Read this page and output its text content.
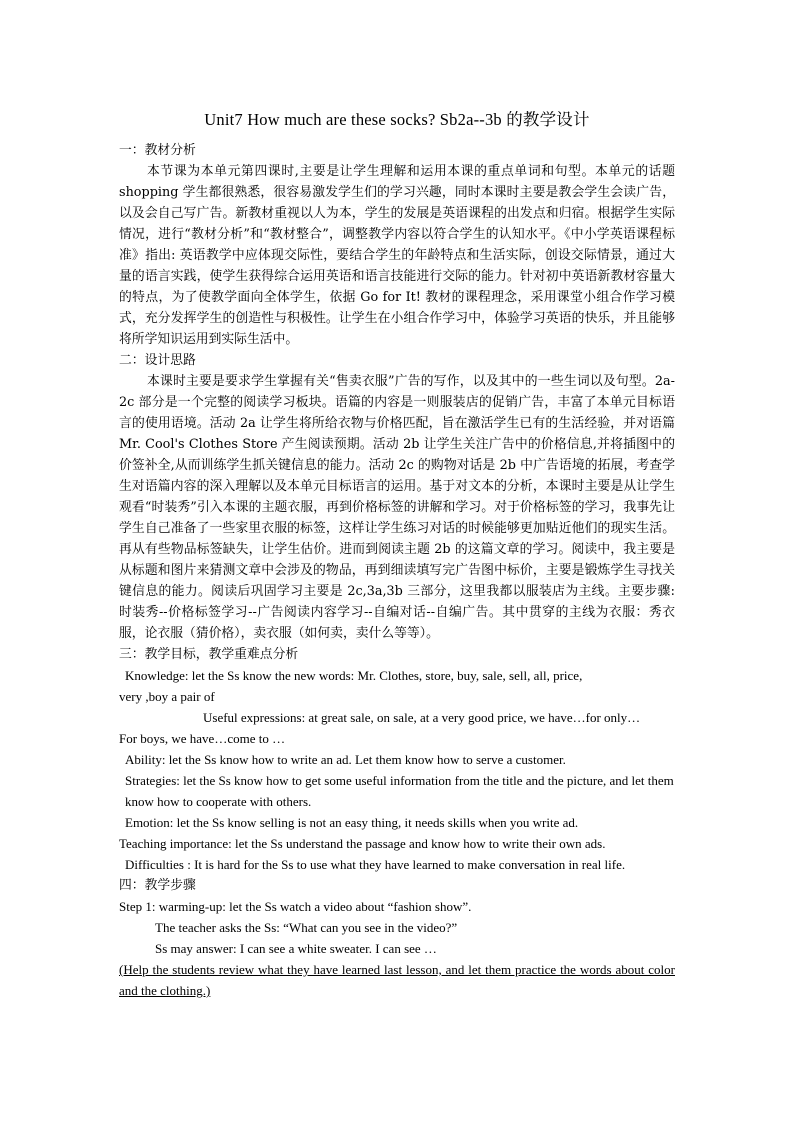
Unit7 How much are these socks? Sb2a--3b 的教学设计
一：教材分析
本节课为本单元第四课时,主要是让学生理解和运用本课的重点单词和句型。本单元的话题 shopping 学生都很熟悉，很容易激发学生们的学习兴趣，同时本课时主要是教会学生会读广告，以及会自己写广告。新教材重视以人为本，学生的发展是英语课程的出发点和归宿。根据学生实际情况，进行“教材分析”和“教材整合”，调整教学内容以符合学生的认知水平。《中小学英语课程标准》指出: 英语教学中应体现交际性，要结合学生的年龄特点和生活实际，创设交际情景，通过大量的语言实践，使学生获得综合运用英语和语言技能进行交际的能力。针对初中英语新教材容量大的特点，为了使教学面向全体学生，依据 Go for It! 教材的课程理念，采用课堂小组合作学习模式，充分发挥学生的创造性与积极性。让学生在小组合作学习中，体验学习英语的快乐，并且能够将所学知识运用到实际生活中。
二：设计思路
本课时主要是要求学生掌握有关“售卖衣服”广告的写作，以及其中的一些生词以及句型。2a-2c 部分是一个完整的阅读学习板块。语篇的内容是一则服装店的促销广告，丰富了本单元目标语言的使用语境。活动 2a 让学生将所给衣物与价格匹配，旨在激活学生已有的生活经验，并对语篇 Mr. Cool's Clothes Store 产生阅读预期。活动 2b 让学生关注广告中的价格信息,并将插图中的价签补全,从而训练学生抓关键信息的能力。活动 2c 的购物对话是 2b 中广告语境的拓展，考查学生对语篇内容的深入理解以及本单元目标语言的运用。基于对文本的分析，本课时主要是从让学生观看“时装秀”引入本课的主题衣服，再到价格标签的讲解和学习。对于价格标签的学习，我事先让学生自己准备了一些家里衣服的标签，这样让学生练习对话的时候能够更加贴近他们的现实生活。再从有些物品标签缺失，让学生估价。进而到阅读主题 2b 的这篇文章的学习。阅读中，我主要是从标题和图片来猜测文章中会涉及的物品，再到细读填写完广告图中标价，主要是锻炼学生寻找关键信息的能力。阅读后巩固学习主要是 2c,3a,3b 三部分，这里我都以服装店为主线。主要步骤: 时装秀--价格标签学习--广告阅读内容学习--自编对话--自编广告。其中贯穿的主线为衣服：秀衣服，论衣服（猜价格），卖衣服（如何卖，卖什么等等）。
三：教学目标，教学重难点分析
Knowledge: let the Ss know the new words: Mr. Clothes, store, buy, sale, sell, all, price,
very ,boy a pair of
Useful expressions: at great sale, on sale, at a very good price, we have…for only…
For boys, we have…come to …
Ability: let the Ss know how to write an ad. Let them know how to serve a customer.
Strategies: let the Ss know how to get some useful information from the title and the picture, and let them know how to cooperate with others.
Emotion: let the Ss know selling is not an easy thing, it needs skills when you write ad.
Teaching importance: let the Ss understand the passage and know how to write their own ads.
Difficulties : It is hard for the Ss to use what they have learned to make conversation in real life.
四：教学步骤
Step 1: warming-up: let the Ss watch a video about “fashion show”.
The teacher asks the Ss: “What can you see in the video?”
Ss may answer: I can see a white sweater. I can see …
(Help the students review what they have learned last lesson, and let them practice the words about color and the clothing.)
